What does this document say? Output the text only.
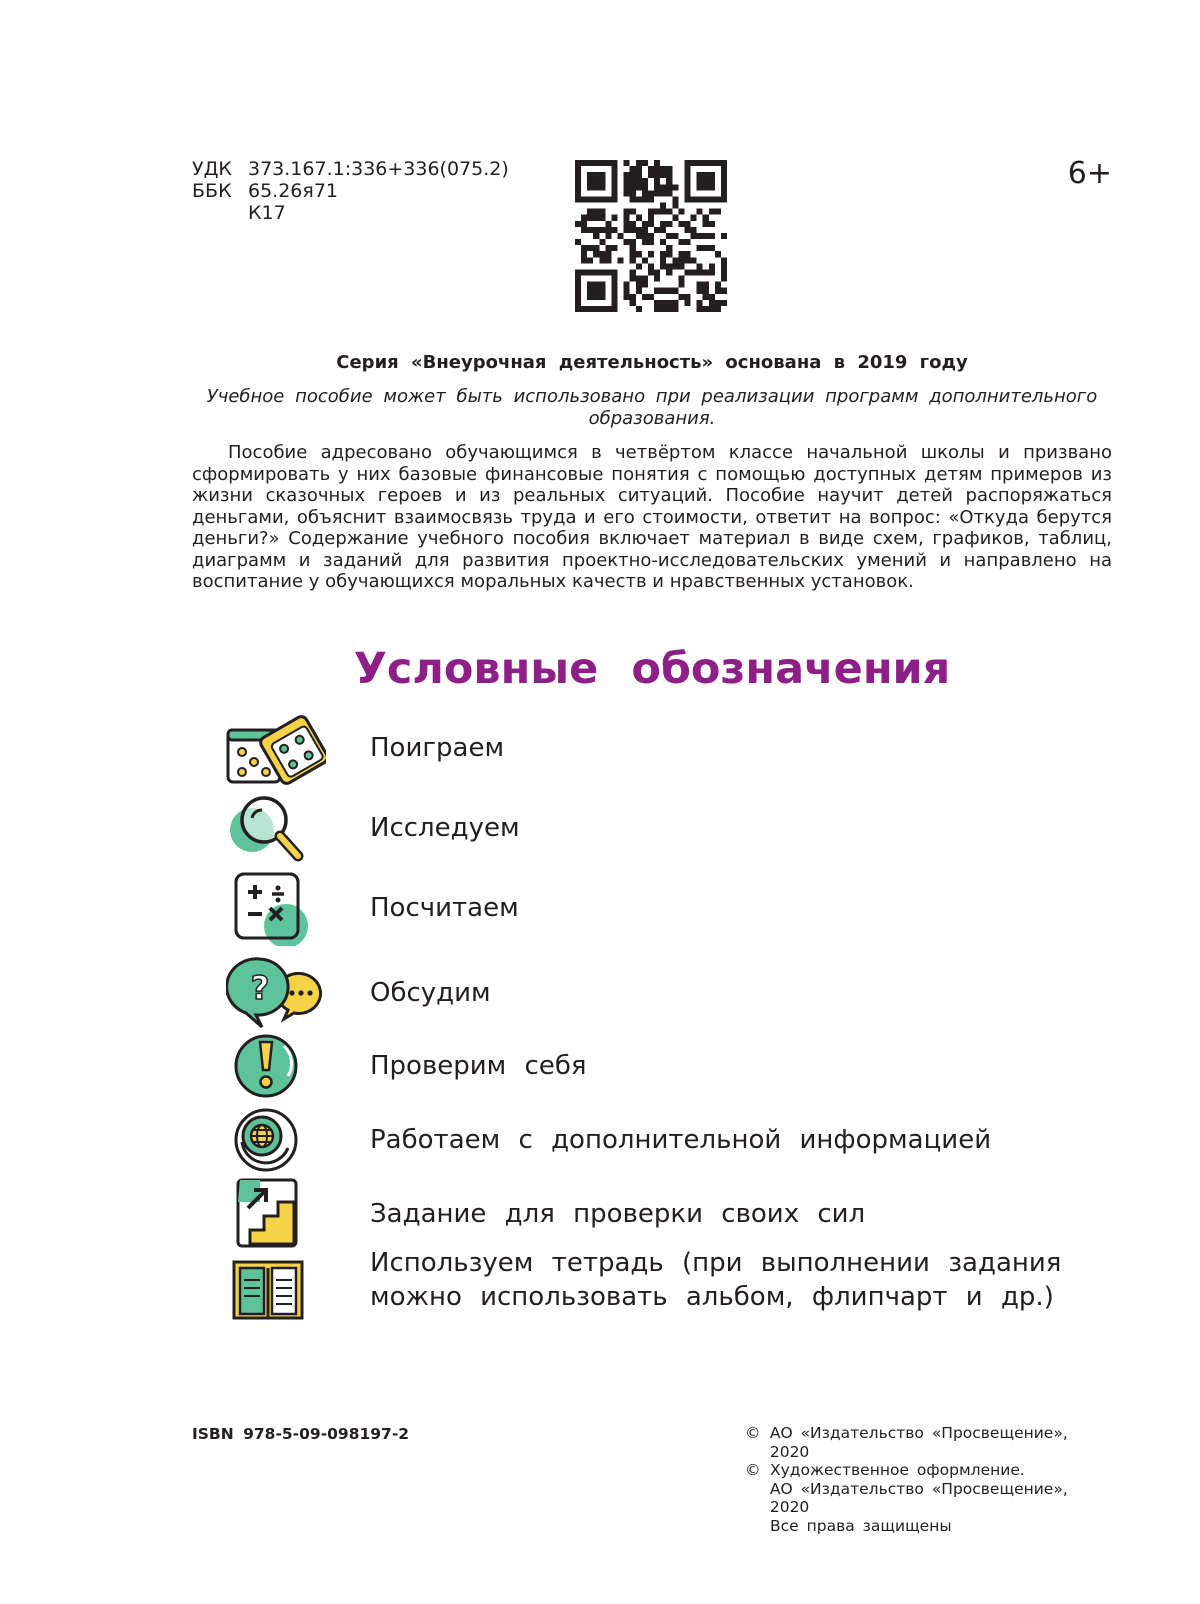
УДК 373.167.1:336+336(075.2)
ББК 65.26я71
К17
6+
Серия «Внеурочная деятельность» основана в 2019 году
Учебное пособие может быть использовано при реализации программ дополнительного образования.
Пособие адресовано обучающимся в четвёртом классе начальной школы и призвано сформировать у них базовые финансовые понятия с помощью доступных детям примеров из жизни сказочных героев и из реальных ситуаций. Пособие научит детей распоряжаться деньгами, объяснит взаимосвязь труда и его стоимости, ответит на вопрос: «Откуда берутся деньги?» Содержание учебного пособия включает материал в виде схем, графиков, таблиц, диаграмм и заданий для развития проектно-исследовательских умений и направлено на воспитание у обучающихся моральных качеств и нравственных установок.
Условные обозначения
Поиграем
Исследуем
Посчитаем
?	Обсудим
Проверим себя
Работаем с дополнительной информацией
Задание для проверки своих сил
Используем тетрадь (при выполнении задания
можно использовать альбом, флипчарт и др.)
ISBN 978-5-09-098197-2	© АО «Издательство «Просвещение», 2020
© Художественное оформление.
АО «Издательство «Просвещение», 2020
Все права защищены
